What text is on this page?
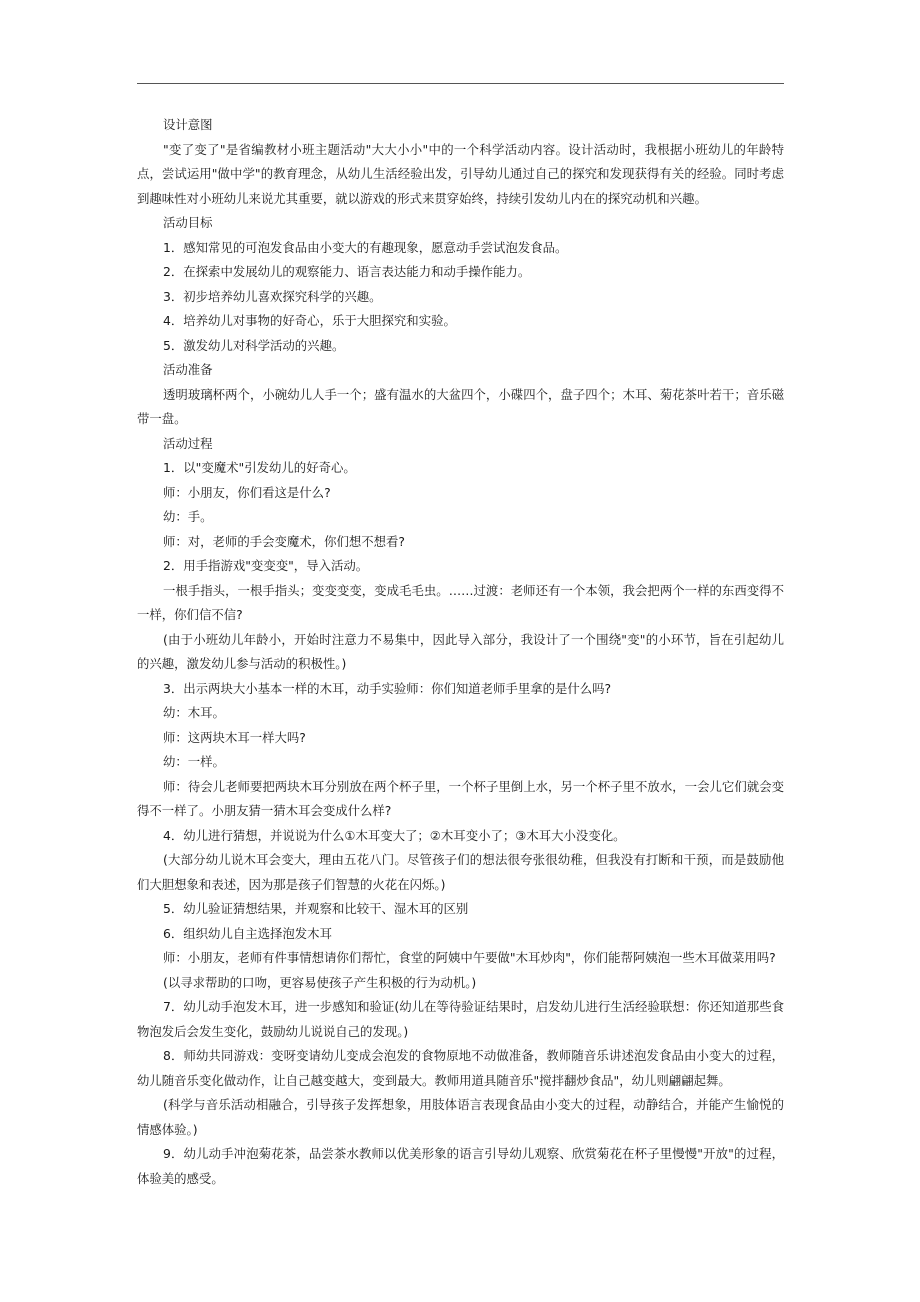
设计意图

"变了变了"是省编教材小班主题活动"大大小小"中的一个科学活动内容。设计活动时，我根据小班幼儿的年龄特点，尝试运用"做中学"的教育理念，从幼儿生活经验出发，引导幼儿通过自己的探究和发现获得有关的经验。同时考虑到趣味性对小班幼儿来说尤其重要，就以游戏的形式来贯穿始终，持续引发幼儿内在的探究动机和兴趣。

活动目标

1．感知常见的可泡发食品由小变大的有趣现象，愿意动手尝试泡发食品。

2．在探索中发展幼儿的观察能力、语言表达能力和动手操作能力。

3．初步培养幼儿喜欢探究科学的兴趣。

4．培养幼儿对事物的好奇心，乐于大胆探究和实验。

5．激发幼儿对科学活动的兴趣。

活动准备

透明玻璃杯两个，小碗幼儿人手一个；盛有温水的大盆四个，小碟四个，盘子四个；木耳、菊花茶叶若干；音乐磁带一盘。

活动过程

1．以"变魔术"引发幼儿的好奇心。

师：小朋友，你们看这是什么?

幼：手。

师：对，老师的手会变魔术，你们想不想看?

2．用手指游戏"变变变"，导入活动。

一根手指头，一根手指头；变变变变，变成毛毛虫。……过渡：老师还有一个本领，我会把两个一样的东西变得不一样，你们信不信?

(由于小班幼儿年龄小，开始时注意力不易集中，因此导入部分，我设计了一个围绕"变"的小环节，旨在引起幼儿的兴趣，激发幼儿参与活动的积极性。)

3．出示两块大小基本一样的木耳，动手实验师：你们知道老师手里拿的是什么吗?

幼：木耳。

师：这两块木耳一样大吗?

幼：一样。

师：待会儿老师要把两块木耳分别放在两个杯子里，一个杯子里倒上水，另一个杯子里不放水，一会儿它们就会变得不一样了。小朋友猜一猜木耳会变成什么样?

4．幼儿进行猜想，并说说为什么①木耳变大了；②木耳变小了；③木耳大小没变化。

(大部分幼儿说木耳会变大，理由五花八门。尽管孩子们的想法很夸张很幼稚，但我没有打断和干预，而是鼓励他们大胆想象和表述，因为那是孩子们智慧的火花在闪烁。)

5．幼儿验证猜想结果，并观察和比较干、湿木耳的区别

6．组织幼儿自主选择泡发木耳

师：小朋友，老师有件事情想请你们帮忙，食堂的阿姨中午要做"木耳炒肉"，你们能帮阿姨泡一些木耳做菜用吗?

(以寻求帮助的口吻，更容易使孩子产生积极的行为动机。)

7．幼儿动手泡发木耳，进一步感知和验证(幼儿在等待验证结果时，启发幼儿进行生活经验联想：你还知道那些食物泡发后会发生变化，鼓励幼儿说说自己的发现。)

8．师幼共同游戏：变呀变请幼儿变成会泡发的食物原地不动做准备，教师随音乐讲述泡发食品由小变大的过程，幼儿随音乐变化做动作，让自己越变越大，变到最大。教师用道具随音乐"搅拌翻炒食品"，幼儿则翩翩起舞。

(科学与音乐活动相融合，引导孩子发挥想象，用肢体语言表现食品由小变大的过程，动静结合，并能产生愉悦的情感体验。)

9．幼儿动手冲泡菊花茶，品尝茶水教师以优美形象的语言引导幼儿观察、欣赏菊花在杯子里慢慢"开放"的过程，体验美的感受。
